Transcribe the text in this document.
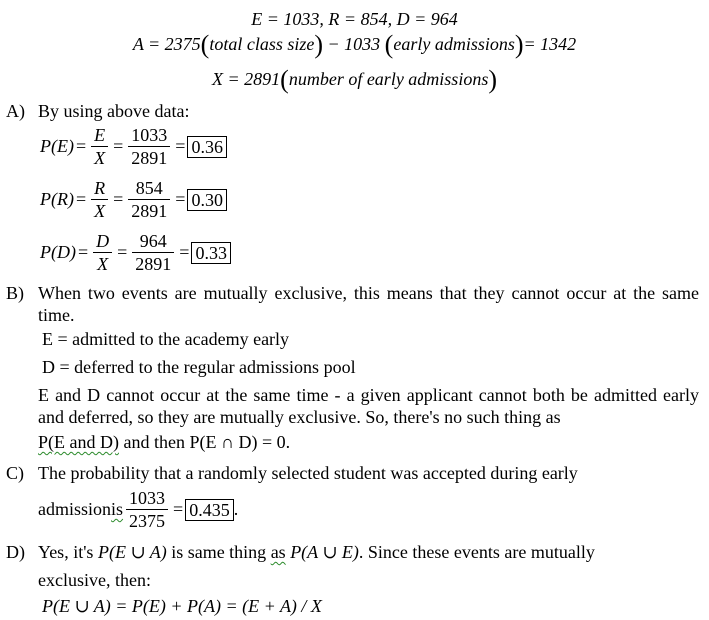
E = 1033, R = 854, D = 964
A = 2375(total class size) − 1033 (early admissions)= 1342
X = 2891(number of early admissions)
A) By using above data:
$P(E) = \frac{E}{X} = \frac{1033}{2891} = 0.36$
$P(R) = \frac{R}{X} = \frac{854}{2891} = 0.30$
$P(D) = \frac{D}{X} = \frac{964}{2891} = 0.33$
B) When two events are mutually exclusive, this means that they cannot occur at the same time.
E = admitted to the academy early
D = deferred to the regular admissions pool
E and D cannot occur at the same time - a given applicant cannot both be admitted early and deferred, so they are mutually exclusive. So, there's no such thing as
P(E and D) and then P(E ∩ D) = 0.
C) The probability that a randomly selected student was accepted during early
admission is $\frac{1033}{2375} = 0.435$ .
D) Yes, it's P(E ∪ A) is same thing as P(A ∪ E). Since these events are mutually
exclusive, then:
P(E ∪ A) = P(E) + P(A) = (E + A) / X
